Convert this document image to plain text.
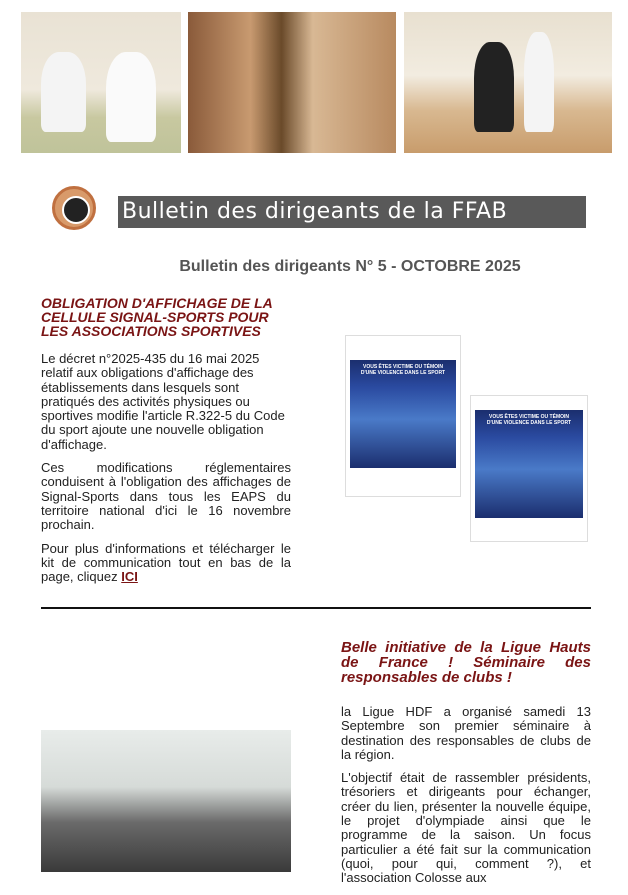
Bulletin des dirigeants de la FFAB
Bulletin des dirigeants N° 5 - OCTOBRE 2025
OBLIGATION D'AFFICHAGE DE LA CELLULE SIGNAL-SPORTS POUR LES ASSOCIATIONS SPORTIVES

Le décret n°2025-435 du 16 mai 2025 relatif aux obligations d'affichage des établissements dans lesquels sont pratiqués des activités physiques ou sportives modifie l'article R.322-5 du Code du sport ajoute une nouvelle obligation d'affichage.

Ces modifications réglementaires conduisent à l'obligation des affichages de Signal-Sports dans tous les EAPS du territoire national d'ici le 16 novembre prochain.

Pour plus d'informations et télécharger le kit de communication tout en bas de la page, cliquez ICI

VOUS ÊTES VICTIME OU TÉMOIN D'UNE VIOLENCE DANS LE SPORT
VOUS ÊTES VICTIME OU TÉMOIN D'UNE VIOLENCE DANS LE SPORT
Belle initiative de la Ligue Hauts de France ! Séminaire des responsables de clubs !

la Ligue HDF a organisé samedi 13 Septembre son premier séminaire à destination des responsables de clubs de la région.

L'objectif était de rassembler présidents, trésoriers et dirigeants pour échanger, créer du lien, présenter la nouvelle équipe, le projet d'olympiade ainsi que le programme de la saison. Un focus particulier a été fait sur la communication (quoi, pour qui, comment ?), et l'association Colosse aux
